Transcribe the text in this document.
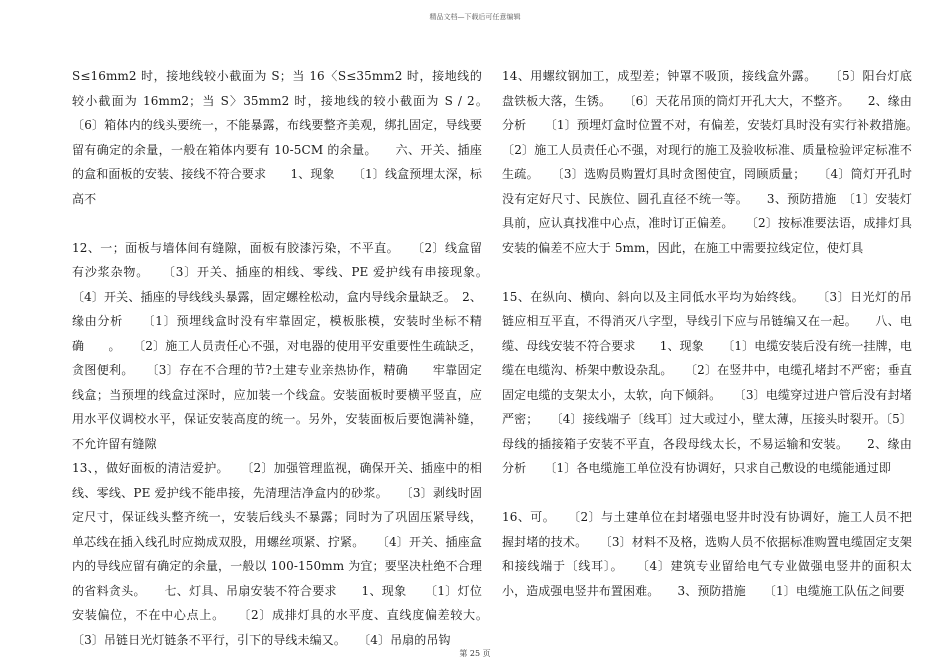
精品文档—下载后可任意编辑

S≤16mm2 时，接地线较小截面为 S；当 16〈S≤35mm2 时，接地线的较小截面为 16mm2；当 S〉35mm2 时，接地线的较小截面为 S / 2。　　〔6〕箱体内的线头要统一，不能暴露，布线要整齐美观，绑扎固定，导线要留有确定的余量，一般在箱体内要有 10-5CM 的余量。　　六、开关、插座的盒和面板的安装、接线不符合要求　　1、现象　　〔1〕线盒预埋太深，标高不

12、一；面板与墙体间有缝隙，面板有胶漆污染，不平直。　　〔2〕线盒留有沙浆杂物。　　〔3〕开关、插座的相线、零线、PE 爱护线有串接现象。　〔4〕开关、插座的导线线头暴露，固定螺栓松动，盒内导线余量缺乏。　2、缘由分析　　〔1〕预埋线盒时没有牢靠固定，模板胀模，安装时坐标不精确　　。　　〔2〕施工人员责任心不强，对电器的使用平安重要性生疏缺乏，贪图便利。　　〔3〕存在不合理的节?土建专业亲热协作，精确　　牢靠固定线盒；当预埋的线盒过深时，应加装一个线盒。安装面板时要横平竖直，应用水平仪调校水平，保证安装高度的统一。另外，安装面板后要饱满补缝，不允许留有缝隙

13、，做好面板的清洁爱护。　　〔2〕加强管理监视，确保开关、插座中的相线、零线、PE 爱护线不能串接，先清理洁净盒内的砂浆。　　〔3〕剥线时固定尺寸，保证线头整齐统一，安装后线头不暴露；同时为了巩固压紧导线，单芯线在插入线孔时应拗成双股，用螺丝项紧、拧紧。　　〔4〕开关、插座盒内的导线应留有确定的余量，一般以 100-150mm 为宜；要坚决杜绝不合理的省料贪头。　　七、灯具、吊扇安装不符合要求　　1、现象　　〔1〕灯位安装偏位，不在中心点上。　　〔2〕成排灯具的水平度、直线度偏差较大。　〔3〕吊链日光灯链条不平行，引下的导线未编又。　　〔4〕吊扇的吊钩

14、用螺纹钢加工，成型差；钟罩不吸顶，接线盒外露。　　〔5〕阳台灯底盘铁板大落，生锈。　　〔6〕天花吊顶的筒灯开孔大大，不整齐。　　2、缘由分析　　〔1〕预埋灯盒时位置不对，有偏差，安装灯具时没有实行补救措施。　　〔2〕施工人员责任心不强，对现行的施工及验收标准、质量检验评定标准不生疏。　　〔3〕选购员购置灯具时贪图使宜，罔顾质量；　　〔4〕筒灯开孔时没有定好尺寸、民族位、圆孔直径不统一等。　　3、预防措施　〔1〕安装灯具前，应认真找准中心点，准时订正偏差。　　〔2〕按标准要法语，成排灯具安装的偏差不应大于 5mm，因此，在施工中需要拉线定位，使灯具

15、在纵向、横向、斜向以及主同低水平均为始终线。　　〔3〕日光灯的吊链应相互平直，不得消灭八字型，导线引下应与吊链编又在一起。　　八、电缆、母线安装不符合要求　　1、现象　　〔1〕电缆安装后没有统一挂牌，电缆在电缆沟、桥架中敷设杂乱。　　〔2〕在竖井中，电缆孔堵封不严密；垂直固定电缆的支架太小，太软，向下倾斜。　　〔3〕电缆穿过进户管后没有封堵严密；　　〔4〕接线端子〔线耳〕过大或过小，壁太薄，压接头时裂开。〔5〕母线的插接箱子安装不平直，各段母线太长，不易运输和安装。　　2、缘由分析　　〔1〕各电缆施工单位没有协调好，只求自己敷设的电缆能通过即

16、可。　　〔2〕与土建单位在封堵强电竖井时没有协调好，施工人员不把握封堵的技术。　　〔3〕材料不及格，选购人员不依据标准购置电缆固定支架和接线端于〔线耳〕。　　〔4〕建筑专业留给电气专业做强电竖井的面积太小，造成强电竖井布置困难。　　3、预防措施　　〔1〕电缆施工队伍之间要

第 25 页
